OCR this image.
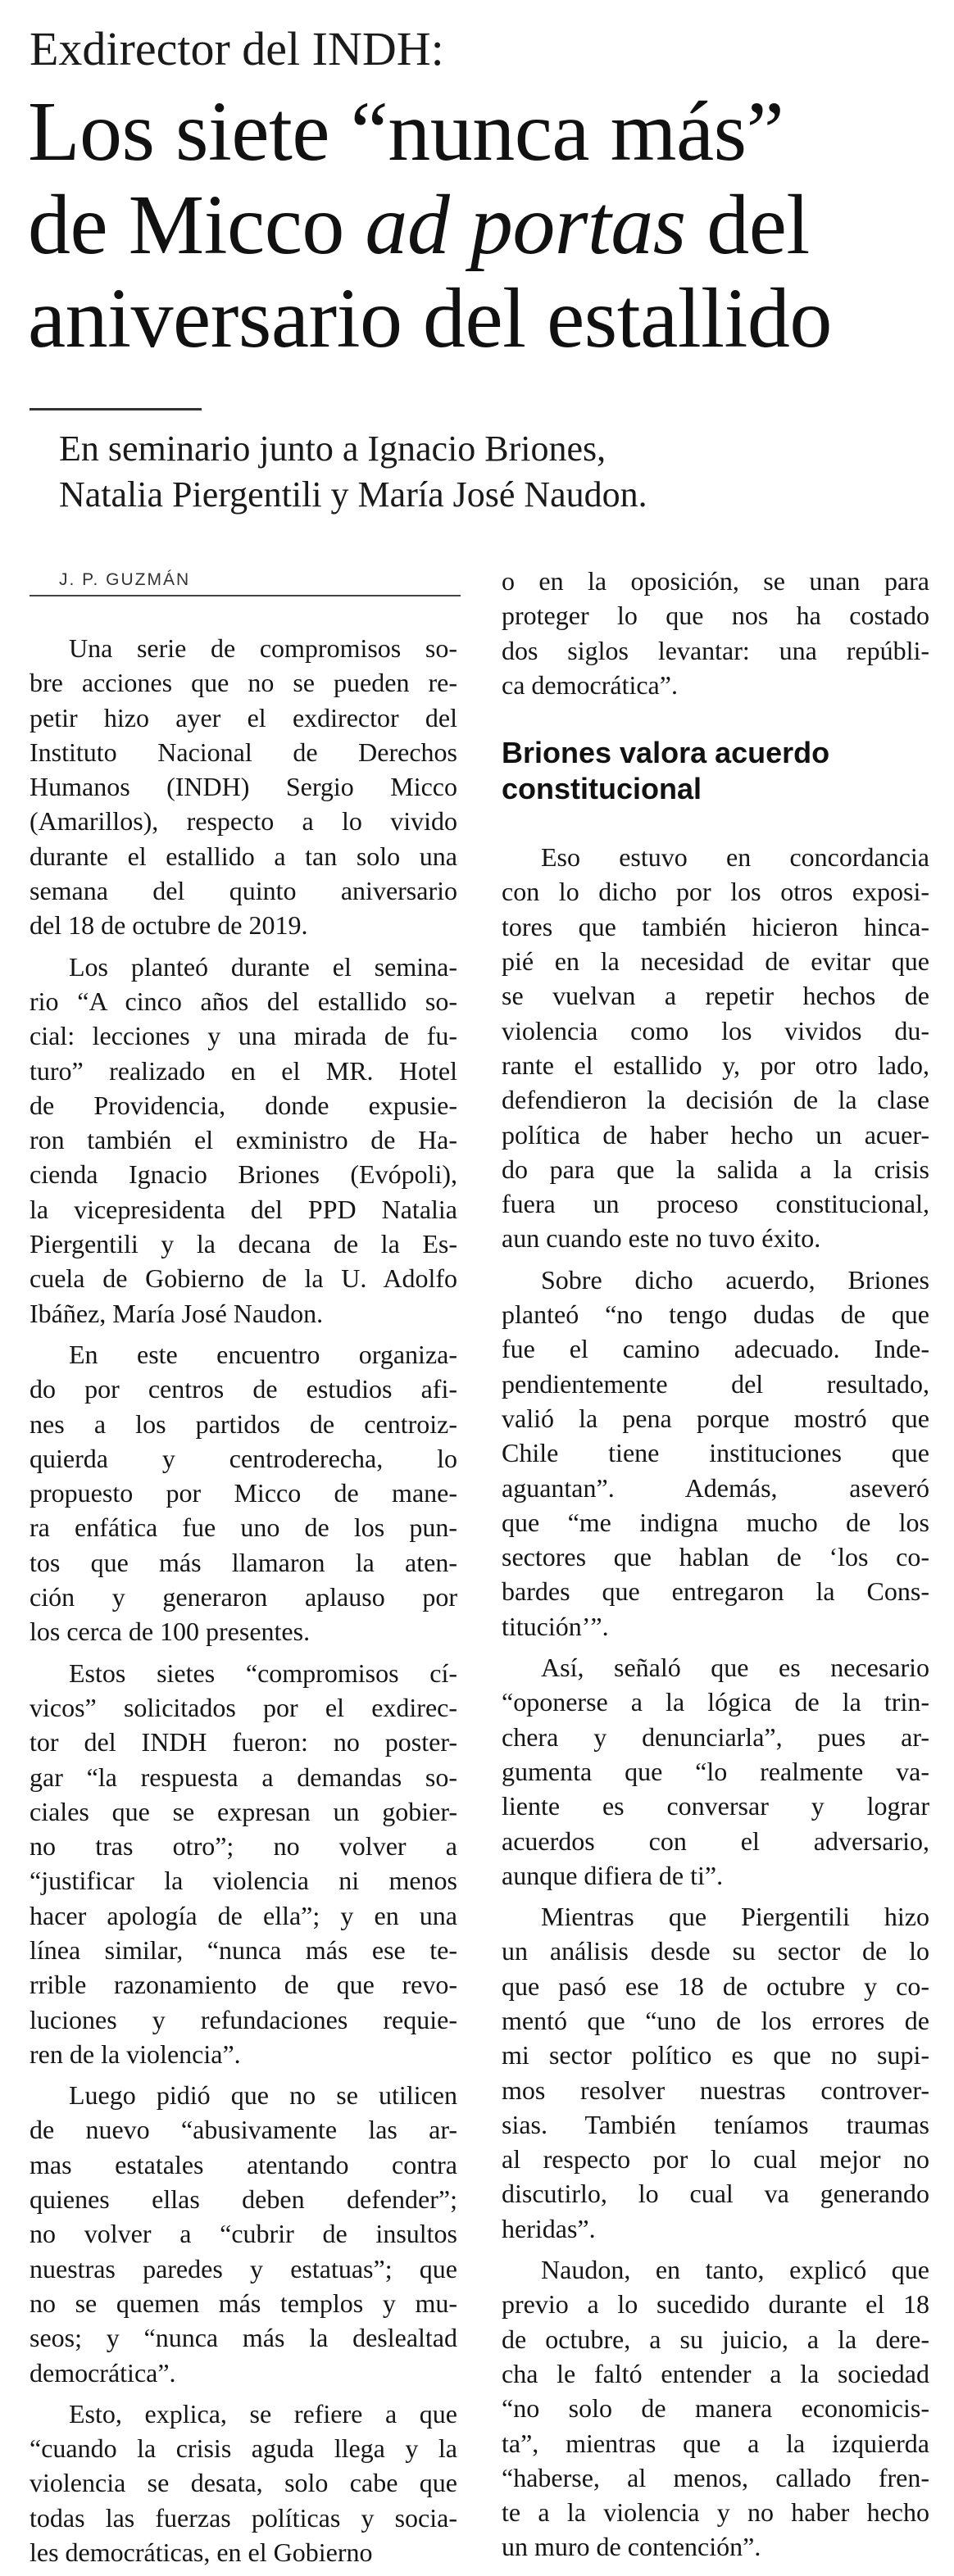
Exdirector del INDH:
Los siete “nunca más”
de Micco ad portas del
aniversario del estallido
En seminario junto a Ignacio Briones,
Natalia Piergentili y María José Naudon.
J. P. GUZMÁN

Una serie de compromisos so-
bre acciones que no se pueden re-
petir hizo ayer el exdirector del
Instituto Nacional de Derechos
Humanos (INDH) Sergio Micco
(Amarillos), respecto a lo vivido
durante el estallido a tan solo una
semana del quinto aniversario
del 18 de octubre de 2019.

Los planteó durante el semina-
rio “A cinco años del estallido so-
cial: lecciones y una mirada de fu-
turo” realizado en el MR. Hotel
de Providencia, donde expusie-
ron también el exministro de Ha-
cienda Ignacio Briones (Evópoli),
la vicepresidenta del PPD Natalia
Piergentili y la decana de la Es-
cuela de Gobierno de la U. Adolfo
Ibáñez, María José Naudon.

En este encuentro organiza-
do por centros de estudios afi-
nes a los partidos de centroiz-
quierda y centroderecha, lo
propuesto por Micco de mane-
ra enfática fue uno de los pun-
tos que más llamaron la aten-
ción y generaron aplauso por
los cerca de 100 presentes.

Estos sietes “compromisos cí-
vicos” solicitados por el exdirec-
tor del INDH fueron: no poster-
gar “la respuesta a demandas so-
ciales que se expresan un gobier-
no tras otro”; no volver a
“justificar la violencia ni menos
hacer apología de ella”; y en una
línea similar, “nunca más ese te-
rrible razonamiento de que revo-
luciones y refundaciones requie-
ren de la violencia”.

Luego pidió que no se utilicen
de nuevo “abusivamente las ar-
mas estatales atentando contra
quienes ellas deben defender”;
no volver a “cubrir de insultos
nuestras paredes y estatuas”; que
no se quemen más templos y mu-
seos; y “nunca más la deslealtad
democrática”.

Esto, explica, se refiere a que
“cuando la crisis aguda llega y la
violencia se desata, solo cabe que
todas las fuerzas políticas y socia-
les democráticas, en el Gobierno

o en la oposición, se unan para
proteger lo que nos ha costado
dos siglos levantar: una repúbli-
ca democrática”.

Briones valora acuerdo
constitucional

Eso estuvo en concordancia
con lo dicho por los otros exposi-
tores que también hicieron hinca-
pié en la necesidad de evitar que
se vuelvan a repetir hechos de
violencia como los vividos du-
rante el estallido y, por otro lado,
defendieron la decisión de la clase
política de haber hecho un acuer-
do para que la salida a la crisis
fuera un proceso constitucional,
aun cuando este no tuvo éxito.

Sobre dicho acuerdo, Briones
planteó “no tengo dudas de que
fue el camino adecuado. Inde-
pendientemente del resultado,
valió la pena porque mostró que
Chile tiene instituciones que
aguantan”. Además, aseveró
que “me indigna mucho de los
sectores que hablan de ‘los co-
bardes que entregaron la Cons-
titución’”.

Así, señaló que es necesario
“oponerse a la lógica de la trin-
chera y denunciarla”, pues ar-
gumenta que “lo realmente va-
liente es conversar y lograr
acuerdos con el adversario,
aunque difiera de ti”.

Mientras que Piergentili hizo
un análisis desde su sector de lo
que pasó ese 18 de octubre y co-
mentó que “uno de los errores de
mi sector político es que no supi-
mos resolver nuestras controver-
sias. También teníamos traumas
al respecto por lo cual mejor no
discutirlo, lo cual va generando
heridas”.

Naudon, en tanto, explicó que
previo a lo sucedido durante el 18
de octubre, a su juicio, a la dere-
cha le faltó entender a la sociedad
“no solo de manera economicis-
ta”, mientras que a la izquierda
“haberse, al menos, callado fren-
te a la violencia y no haber hecho
un muro de contención”.
